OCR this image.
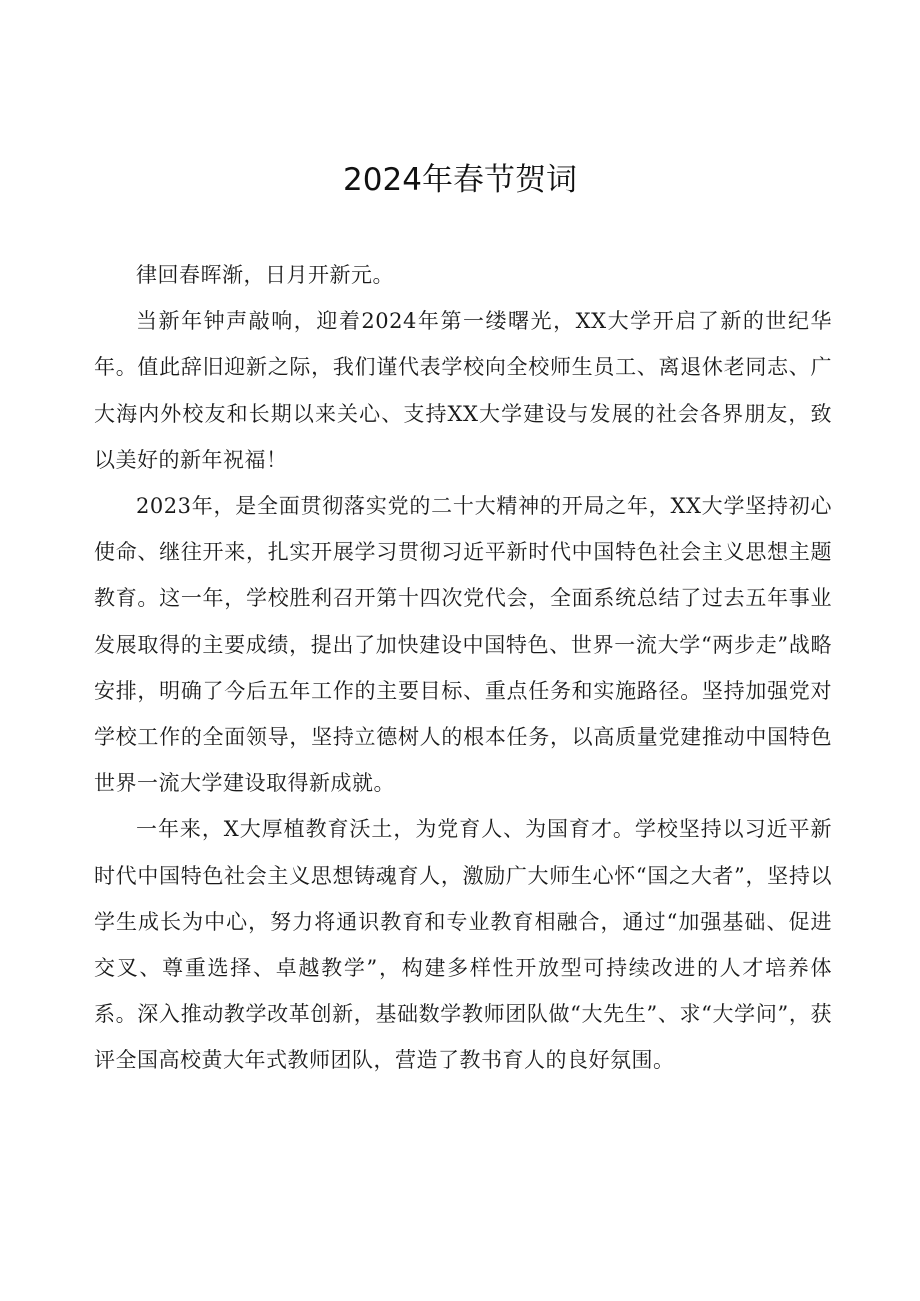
2024年春节贺词

律回春晖渐，日月开新元。

当新年钟声敲响，迎着2024年第一缕曙光，XX大学开启了新的世纪华年。值此辞旧迎新之际，我们谨代表学校向全校师生员工、离退休老同志、广大海内外校友和长期以来关心、支持XX大学建设与发展的社会各界朋友，致以美好的新年祝福！

2023年，是全面贯彻落实党的二十大精神的开局之年，XX大学坚持初心使命、继往开来，扎实开展学习贯彻习近平新时代中国特色社会主义思想主题教育。这一年，学校胜利召开第十四次党代会，全面系统总结了过去五年事业发展取得的主要成绩，提出了加快建设中国特色、世界一流大学“两步走”战略安排，明确了今后五年工作的主要目标、重点任务和实施路径。坚持加强党对学校工作的全面领导，坚持立德树人的根本任务，以高质量党建推动中国特色世界一流大学建设取得新成就。

一年来，X大厚植教育沃土，为党育人、为国育才。学校坚持以习近平新时代中国特色社会主义思想铸魂育人，激励广大师生心怀“国之大者”，坚持以学生成长为中心，努力将通识教育和专业教育相融合，通过“加强基础、促进交叉、尊重选择、卓越教学”，构建多样性开放型可持续改进的人才培养体系。深入推动教学改革创新，基础数学教师团队做“大先生”、求“大学问”，获评全国高校黄大年式教师团队，营造了教书育人的良好氛围。
